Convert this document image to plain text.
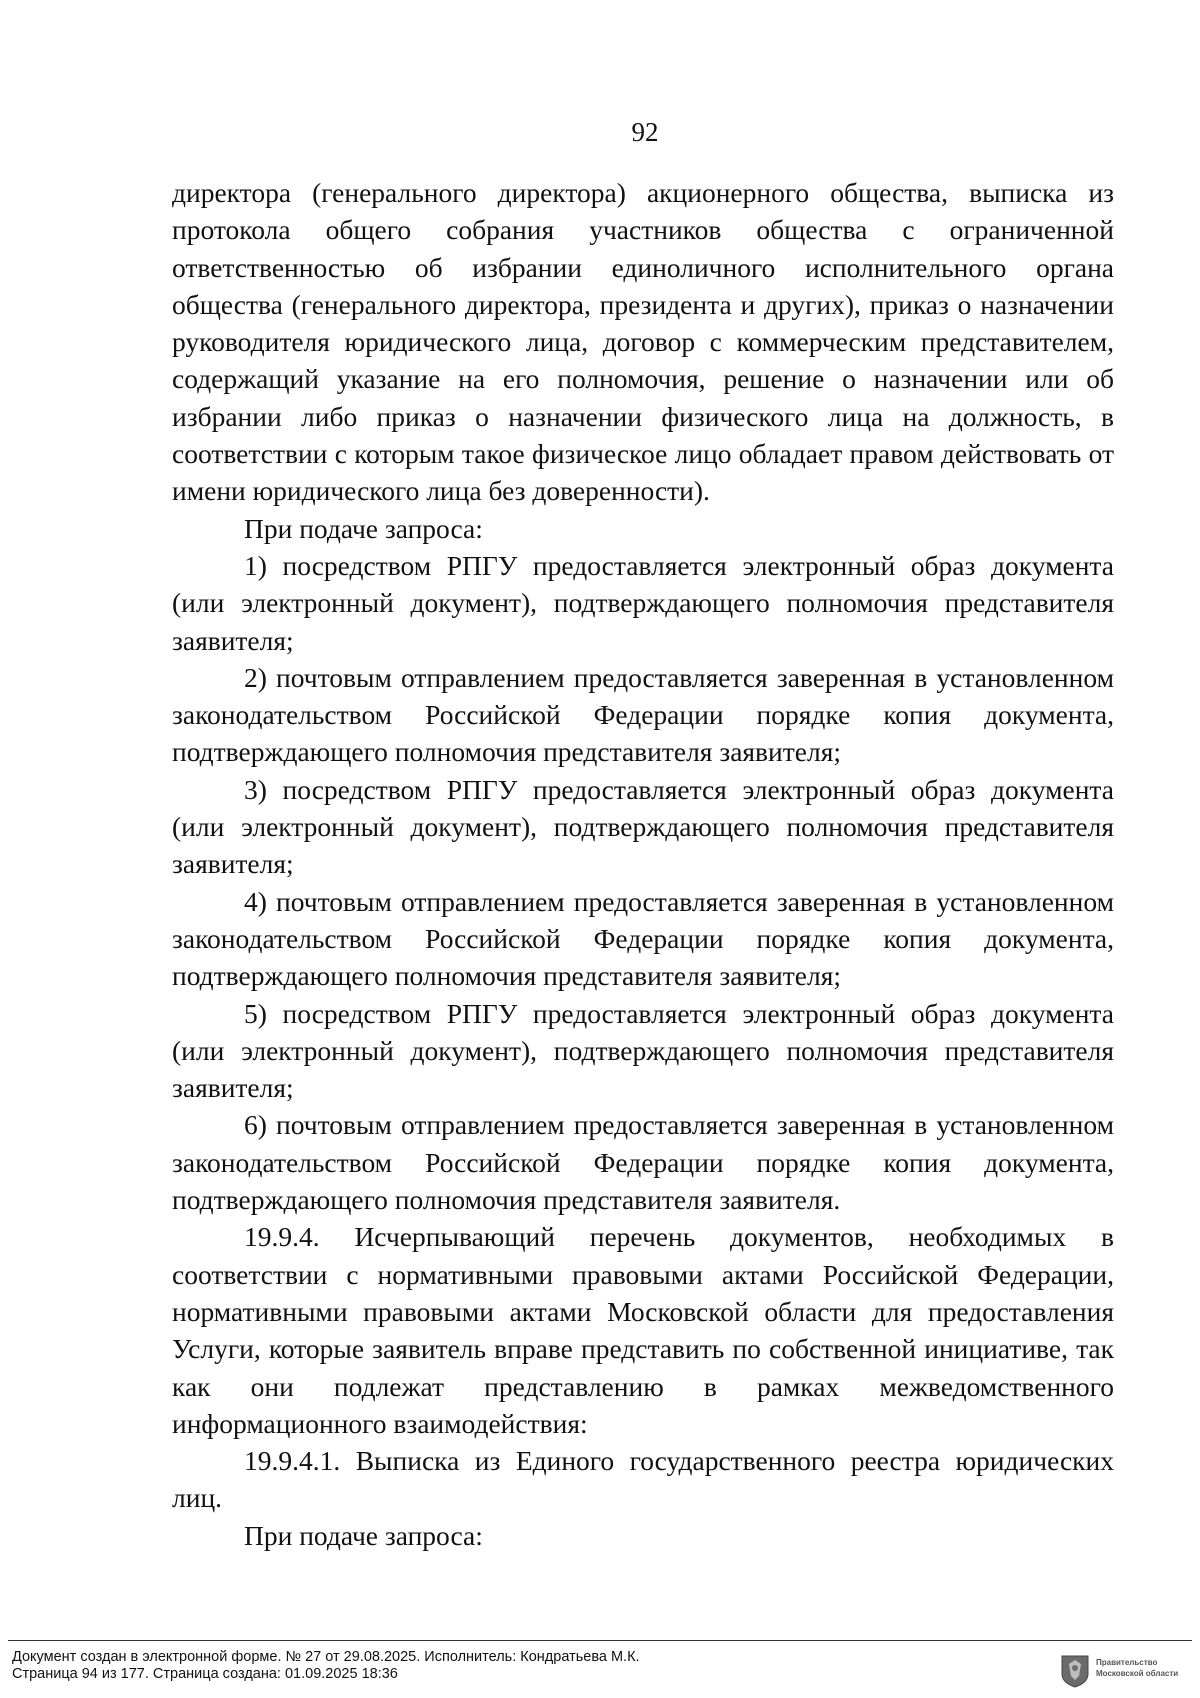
92

директора (генерального директора) акционерного общества, выписка из протокола общего собрания участников общества с ограниченной ответственностью об избрании единоличного исполнительного органа общества (генерального директора, президента и других), приказ о назначении руководителя юридического лица, договор с коммерческим представителем, содержащий указание на его полномочия, решение о назначении или об избрании либо приказ о назначении физического лица на должность, в соответствии с которым такое физическое лицо обладает правом действовать от имени юридического лица без доверенности).

При подаче запроса:

1) посредством РПГУ предоставляется электронный образ документа (или электронный документ), подтверждающего полномочия представителя заявителя;

2) почтовым отправлением предоставляется заверенная в установленном законодательством Российской Федерации порядке копия документа, подтверждающего полномочия представителя заявителя;

3) посредством РПГУ предоставляется электронный образ документа (или электронный документ), подтверждающего полномочия представителя заявителя;

4) почтовым отправлением предоставляется заверенная в установленном законодательством Российской Федерации порядке копия документа, подтверждающего полномочия представителя заявителя;

5) посредством РПГУ предоставляется электронный образ документа (или электронный документ), подтверждающего полномочия представителя заявителя;

6) почтовым отправлением предоставляется заверенная в установленном законодательством Российской Федерации порядке копия документа, подтверждающего полномочия представителя заявителя.

19.9.4. Исчерпывающий перечень документов, необходимых в соответствии с нормативными правовыми актами Российской Федерации, нормативными правовыми актами Московской области для предоставления Услуги, которые заявитель вправе представить по собственной инициативе, так как они подлежат представлению в рамках межведомственного информационного взаимодействия:

19.9.4.1. Выписка из Единого государственного реестра юридических лиц.

При подаче запроса:

Документ создан в электронной форме. № 27 от 29.08.2025. Исполнитель: Кондратьева М.К.
Страница 94 из 177. Страница создана: 01.09.2025 18:36
Правительство
Московской области
